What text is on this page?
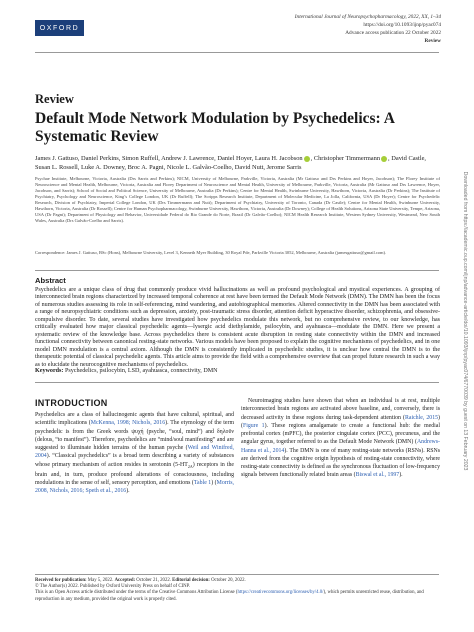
OXFORD
International Journal of Neuropsychopharmacology, 2022, XX, 1–34
https://doi.org/10.1093/ijnp/pyac074
Advance access publication 22 October 2022
Review
Review
Default Mode Network Modulation by Psychedelics: A Systematic Review
James J. Gattuso, Daniel Perkins, Simon Ruffell, Andrew J. Lawrence, Daniel Hoyer, Laura H. Jacobson , Christopher Timmermann , David Castle, Susan L. Rossell, Luke A. Downey, Broc A. Pagni, Nicole L. Galvão-Coelho, David Nutt, Jerome Sarris
Psychae Institute, Melbourne, Victoria, Australia (Drs Sarris and Perkins); NICM, University of Melbourne, Parkville, Victoria, Australia (Mr Gattuso and Drs Perkins and Hoyer, Jacobson); The Florey Institute of Neuroscience and Mental Health, Melbourne, Victoria, Australia and Florey Department of Neuroscience and Mental Health, University of Melbourne, Parkville, Victoria, Australia (Mr Gattuso and Drs Lawrence, Hoyer, Jacobson, and Sarris); School of Social and Political Science, University of Melbourne, Australia (Dr Perkins); Centre for Mental Health, Swinburne University, Hawthorn, Victoria, Australia (Dr Perkins); The Institute of Psychiatry, Psychology and Neuroscience, King’s College London, UK (Dr Ruffell); The Scripps Research Institute, Department of Molecular Medicine, La Jolla, California, USA (Dr Hoyer); Centre for Psychedelic Research, Division of Psychiatry, Imperial College London, UK (Drs Timmermann and Nutt); Department of Psychiatry, University of Toronto, Canada (Dr Castle); Centre for Mental Health, Swinburne University, Hawthorn, Victoria, Australia (Dr Rossell); Centre for Human Psychopharmacology, Swinburne University, Hawthorn, Victoria, Australia (Dr Downey); College of Health Solutions, Arizona State University, Tempe, Arizona, USA (Dr Pagni); Department of Physiology and Behavior, Universidade Federal do Rio Grande do Norte, Brazil (Dr Galvão-Coelho); NICM Health Research Institute, Western Sydney University, Westmead, New South Wales, Australia (Drs Galvão-Coelho and Sarris).
Correspondence: James J. Gattuso, BSc (Hons), Melbourne University, Level 3, Kenneth Myer Building, 30 Royal Pde, Parkville Victoria 3052, Melbourne, Australia (jamesgattuso@gmail.com).
Abstract
Psychedelics are a unique class of drug that commonly produce vivid hallucinations as well as profound psychological and mystical experiences. A grouping of interconnected brain regions characterized by increased temporal coherence at rest have been termed the Default Mode Network (DMN). The DMN has been the focus of numerous studies assessing its role in self-referencing, mind wandering, and autobiographical memories. Altered connectivity in the DMN has been associated with a range of neuropsychiatric conditions such as depression, anxiety, post-traumatic stress disorder, attention deficit hyperactive disorder, schizophrenia, and obsessive-compulsive disorder. To date, several studies have investigated how psychedelics modulate this network, but no comprehensive review, to our knowledge, has critically evaluated how major classical psychedelic agents—lysergic acid diethylamide, psilocybin, and ayahuasca—modulate the DMN. Here we present a systematic review of the knowledge base. Across psychedelics there is consistent acute disruption in resting state connectivity within the DMN and increased functional connectivity between canonical resting-state networks. Various models have been proposed to explain the cognitive mechanisms of psychedelics, and in one model DMN modulation is a central axiom. Although the DMN is consistently implicated in psychedelic studies, it is unclear how central the DMN is to the therapeutic potential of classical psychedelic agents. This article aims to provide the field with a comprehensive overview that can propel future research in such a way as to elucidate the neurocognitive mechanisms of psychedelics.
Keywords: Psychedelics, psilocybin, LSD, ayahuasca, connectivity, DMN
INTRODUCTION
Psychedelics are a class of hallucinogenic agents that have cultural, spiritual, and scientific implications (McKenna, 1998; Nichols, 2016). The etymology of the term psychedelic is from the Greek words ψυχή (psyche, “soul, mind”) and δηλοῦν (delous, “to manifest”). Therefore, psychedelics are “mind/soul manifesting” and are suggested to illuminate hidden terrains of the human psyche (Weil and Winifred, 2004). “Classical psychedelics” is a broad term describing a variety of substances whose primary mechanism of action resides in serotonin $(5-HT_{2A})$ receptors in the brain and, in turn, produce profound alterations of consciousness, including modulations in the sense of self, sensory perception, and emotions (Table 1) (Morris, 2008, Nichols, 2016; Speth et al., 2016).
Neuroimaging studies have shown that when an individual is at rest, multiple interconnected brain regions are activated above baseline, and, conversely, there is decreased activity in these regions during task-dependent attention (Raichle, 2015) (Figure 1). These regions amalgamate to create a functional hub: the medial prefrontal cortex (mPFC), the posterior cingulate cortex (PCC), precuneus, and the angular gyrus, together referred to as the Default Mode Network (DMN) (Andrews-Hanna et al., 2014). The DMN is one of many resting-state networks (RSNs). RSNs are derived from the cognitive origin hypothesis of resting-state connectivity, where resting-state connectivity is defined as the synchronous fluctuation of low-frequency signals between functionally related brain areas (Biswal et al., 1997).
Received for publication: May 5, 2022. Accepted: October 21, 2022. Editorial decision: October 20, 2022.
© The Author(s) 2022. Published by Oxford University Press on behalf of CINP.
This is an Open Access article distributed under the terms of the Creative Commons Attribution License (https://creativecommons.org/licenses/by/4.0/), which permits unrestricted reuse, distribution, and reproduction in any medium, provided the original work is properly cited.
Downloaded from https://academic.oup.com/ijnp/advance-article/doi/10.1093/ijnp/pyac074/6770039 by guest on 13 February 2023
